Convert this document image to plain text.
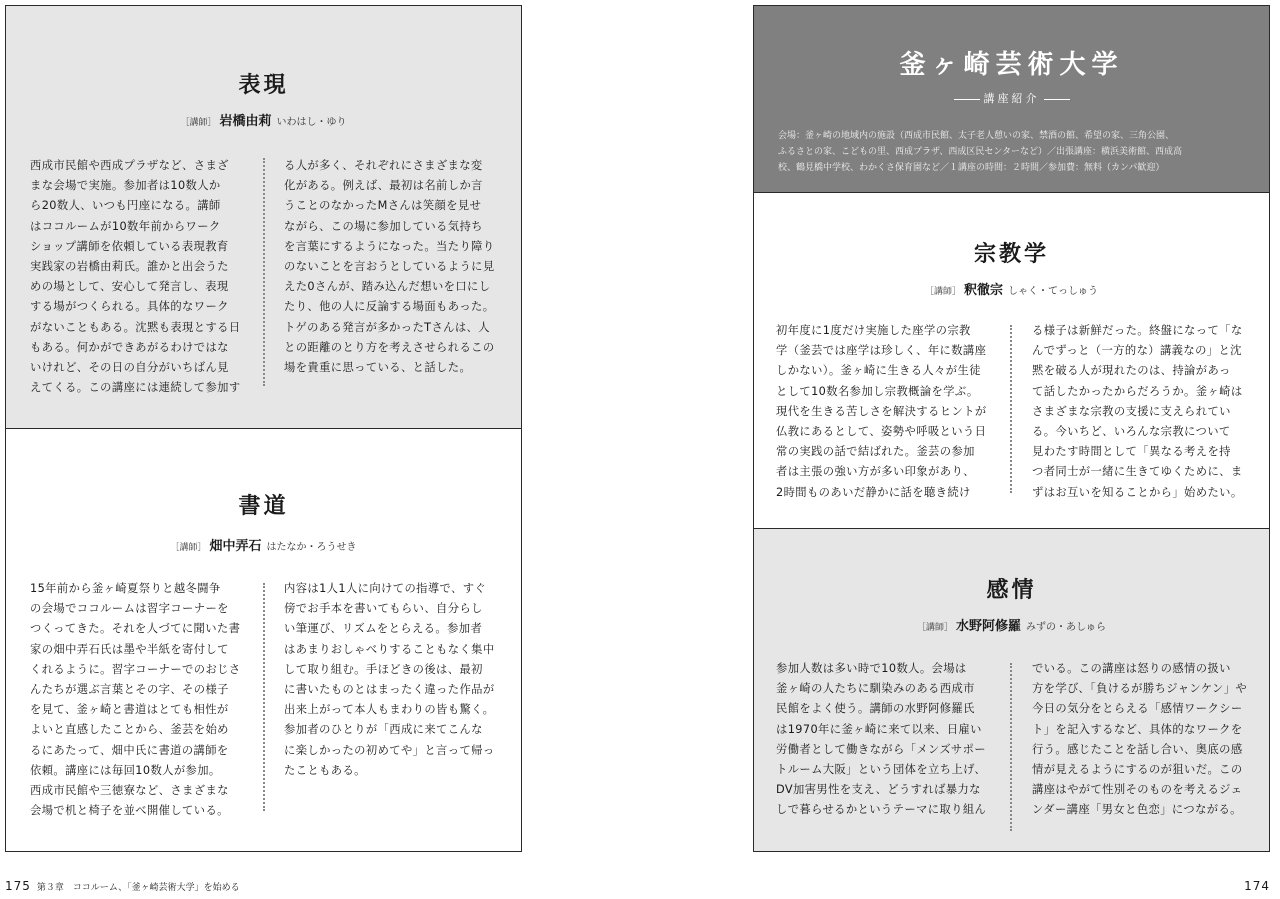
表現
［講師］ 岩橋由莉 いわはし・ゆり

西成市民館や西成プラザなど、さまざ
まな会場で実施。参加者は10数人か
ら20数人、いつも円座になる。講師
はココルームが10数年前からワーク
ショップ講師を依頼している表現教育
実践家の岩橋由莉氏。誰かと出会うた
めの場として、安心して発言し、表現
する場がつくられる。具体的なワーク
がないこともある。沈黙も表現とする日
もある。何かができあがるわけではな
いけれど、その日の自分がいちばん見
えてくる。この講座には連続して参加す

る人が多く、それぞれにさまざまな変
化がある。例えば、最初は名前しか言
うことのなかったMさんは笑顔を見せ
ながら、この場に参加している気持ち
を言葉にするようになった。当たり障り
のないことを言おうとしているように見
えた0さんが、踏み込んだ想いを口にし
たり、他の人に反論する場面もあった。
トゲのある発言が多かったTさんは、人
との距離のとり方を考えさせられるこの
場を貴重に思っている、と話した。

書道
［講師］ 畑中弄石 はたなか・ろうせき

15年前から釜ヶ崎夏祭りと越冬闘争
の会場でココルームは習字コーナーを
つくってきた。それを人づてに聞いた書
家の畑中弄石氏は墨や半紙を寄付して
くれるように。習字コーナーでのおじさ
んたちが選ぶ言葉とその字、その様子
を見て、釜ヶ崎と書道はとても相性が
よいと直感したことから、釜芸を始め
るにあたって、畑中氏に書道の講師を
依頼。講座には毎回10数人が参加。
西成市民館や三徳寮など、さまざまな
会場で机と椅子を並べ開催している。

内容は1人1人に向けての指導で、すぐ
傍でお手本を書いてもらい、自分らし
い筆運び、リズムをとらえる。参加者
はあまりおしゃべりすることもなく集中
して取り組む。手ほどきの後は、最初
に書いたものとはまったく違った作品が
出来上がって本人もまわりの皆も驚く。
参加者のひとりが「西成に来てこんな
に楽しかったの初めてや」と言って帰っ
たこともある。

175 第３章　ココルーム、「釜ヶ崎芸術大学」を始める
釜ヶ崎芸術大学
講座紹介

会場：釜ヶ崎の地域内の施設（西成市民館、太子老人憩いの家、禁酒の館、希望の家、三角公園、
ふるさとの家、こどもの里、西成プラザ、西成区民センターなど）／出張講座：横浜美術館、西成高
校、鶴見橋中学校、わかくさ保育園など／１講座の時間：２時間／参加費：無料（カンパ歓迎）

宗教学
［講師］ 釈徹宗 しゃく・てっしゅう

初年度に1度だけ実施した座学の宗教
学（釜芸では座学は珍しく、年に数講座
しかない）。釜ヶ崎に生きる人々が生徒
として10数名参加し宗教概論を学ぶ。
現代を生きる苦しさを解決するヒントが
仏教にあるとして、姿勢や呼吸という日
常の実践の話で結ばれた。釜芸の参加
者は主張の強い方が多い印象があり、
2時間ものあいだ静かに話を聴き続け

る様子は新鮮だった。終盤になって「な
んでずっと（一方的な）講義なの」と沈
黙を破る人が現れたのは、持論があっ
て話したかったからだろうか。釜ヶ崎は
さまざまな宗教の支援に支えられてい
る。今いちど、いろんな宗教について
見わたす時間として「異なる考えを持
つ者同士が一緒に生きてゆくために、ま
ずはお互いを知ることから」始めたい。

感情
［講師］ 水野阿修羅 みずの・あしゅら

参加人数は多い時で10数人。会場は
釜ヶ崎の人たちに馴染みのある西成市
民館をよく使う。講師の水野阿修羅氏
は1970年に釜ヶ崎に来て以来、日雇い
労働者として働きながら「メンズサポー
トルーム大阪」という団体を立ち上げ、
DV加害男性を支え、どうすれば暴力な
しで暮らせるかというテーマに取り組ん

でいる。この講座は怒りの感情の扱い
方を学び、「負けるが勝ちジャンケン」や
今日の気分をとらえる「感情ワークシー
ト」を記入するなど、具体的なワークを
行う。感じたことを話し合い、奥底の感
情が見えるようにするのが狙いだ。この
講座はやがて性別そのものを考えるジェ
ンダー講座「男女と色恋」につながる。

174
